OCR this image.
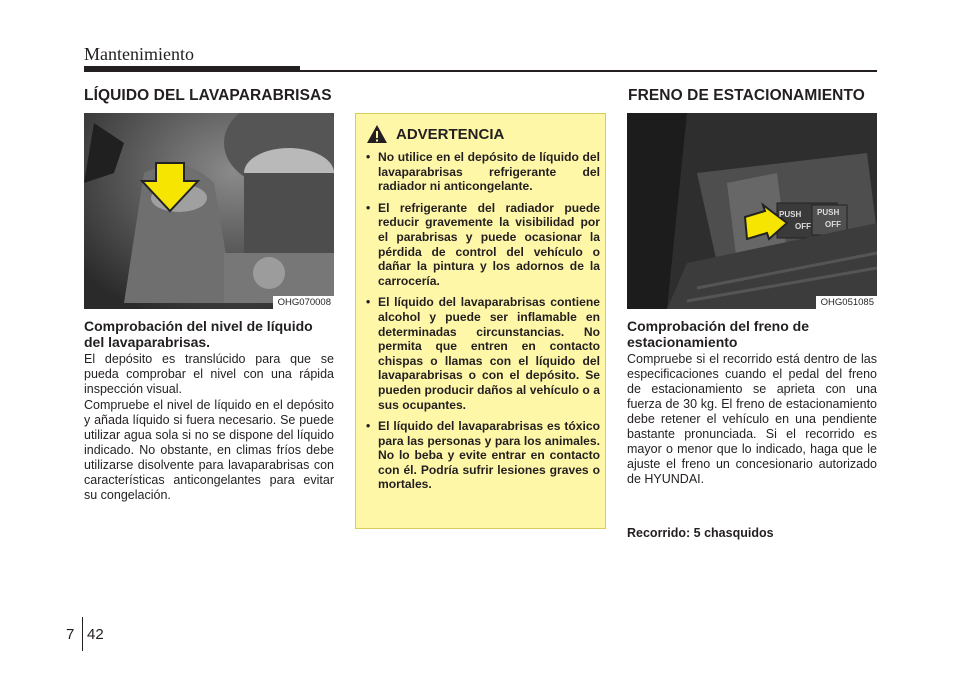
Mantenimiento
LÍQUIDO DEL LAVAPARABRISAS
OHG070008
Comprobación del nivel de líquido del lavaparabrisas.

El depósito es translúcido para que se pueda comprobar el nivel con una rápida inspección visual.

Compruebe el nivel de líquido en el depósito y añada líquido si fuera necesario. Se puede utilizar agua sola si no se dispone del líquido indicado. No obstante, en climas fríos debe utilizarse disolvente para lavaparabrisas con características anticongelantes para evitar su congelación.

ADVERTENCIA
• No utilice en el depósito de líquido del lavaparabrisas refrigerante del radiador ni anticongelante.
• El refrigerante del radiador puede reducir gravemente la visibilidad por el parabrisas y puede ocasionar la pérdida de control del vehículo o dañar la pintura y los adornos de la carrocería.
• El líquido del lavaparabrisas contiene alcohol y puede ser inflamable en determinadas circunstancias. No permita que entren en contacto chispas o llamas con el líquido del lavaparabrisas o con el depósito. Se pueden producir daños al vehículo o a sus ocupantes.
• El líquido del lavaparabrisas es tóxico para las personas y para los animales. No lo beba y evite entrar en contacto con él. Podría sufrir lesiones graves o mortales.
FRENO DE ESTACIONAMIENTO
PUSH PUSH
OFF OFF
OHG051085
Comprobación del freno de estacionamiento

Compruebe si el recorrido está dentro de las especificaciones cuando el pedal del freno de estacionamiento se aprieta con una fuerza de 30 kg. El freno de estacionamiento debe retener el vehículo en una pendiente bastante pronunciada. Si el recorrido es mayor o menor que lo indicado, haga que le ajuste el freno un concesionario autorizado de HYUNDAI.

Recorrido: 5 chasquidos
7 42
